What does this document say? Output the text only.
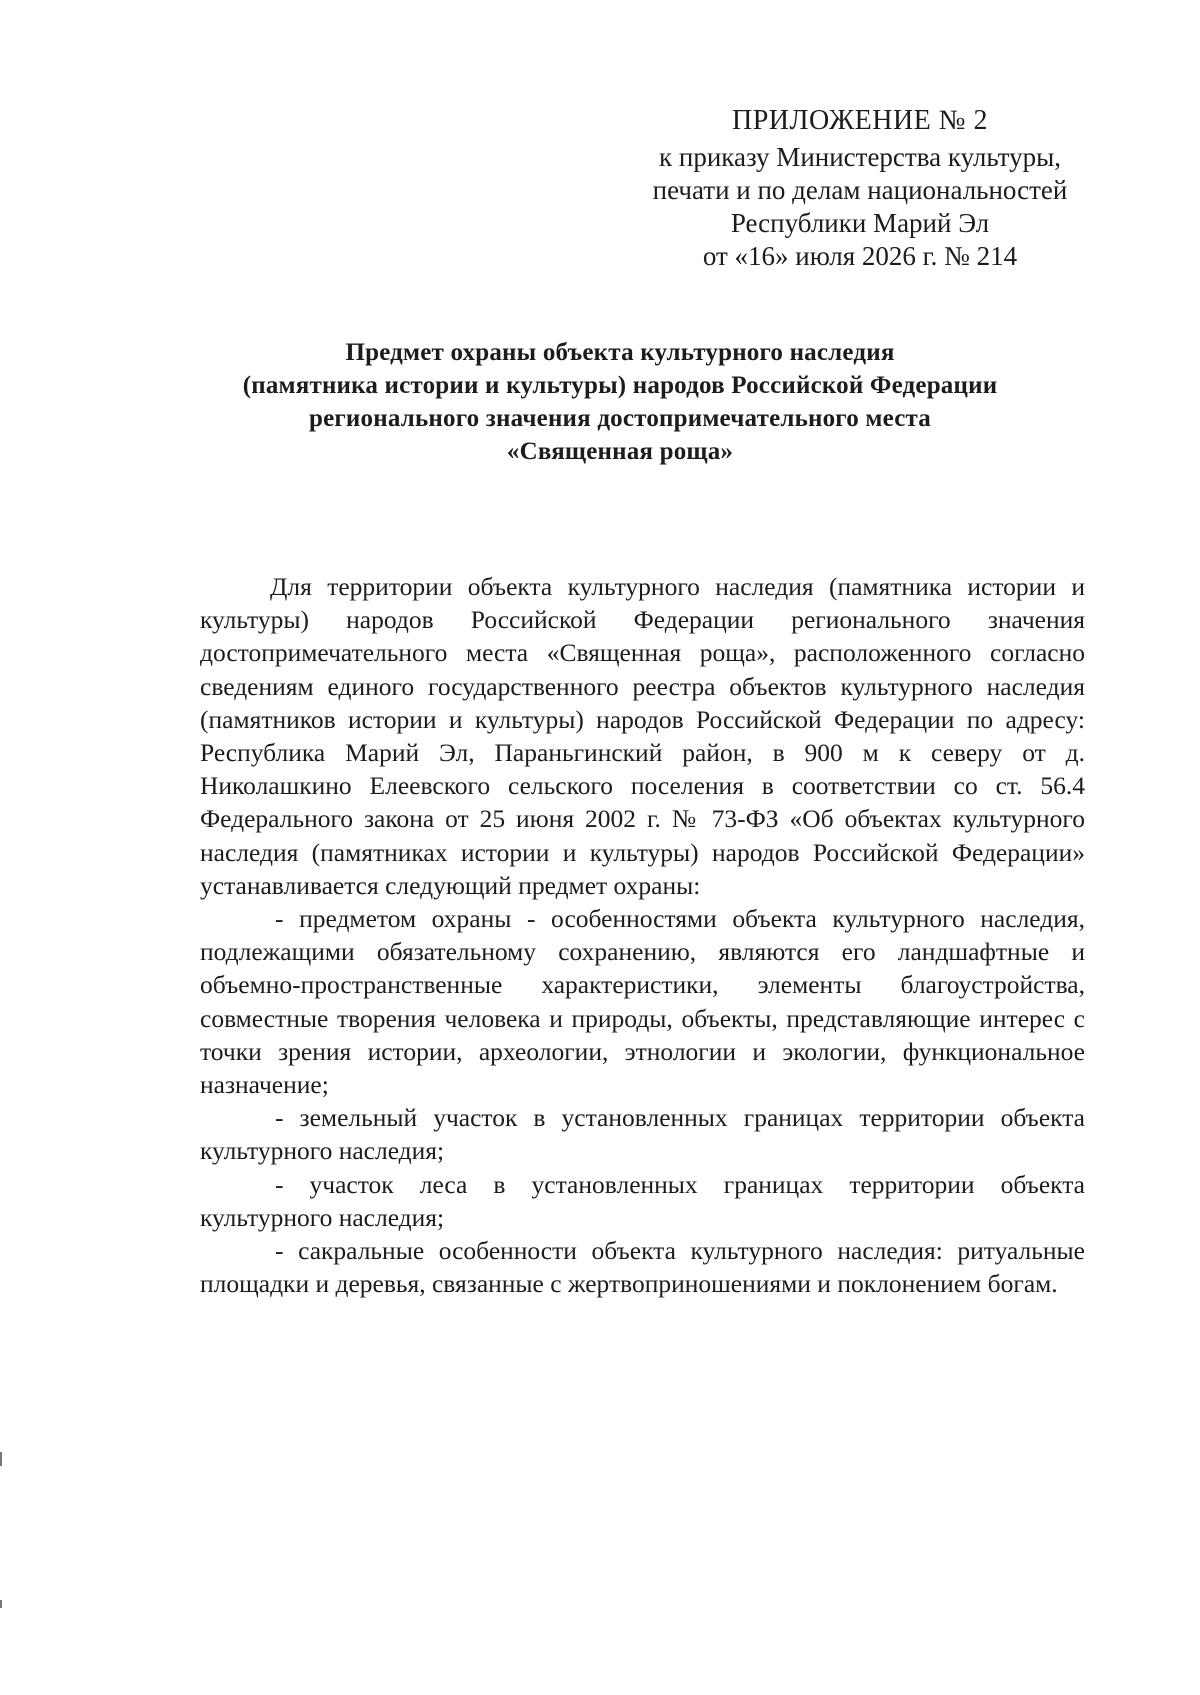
ПРИЛОЖЕНИЕ № 2
к приказу Министерства культуры,
печати и по делам национальностей
Республики Марий Эл
от «16» июля 2026 г. № 214
Предмет охраны объекта культурного наследия
(памятника истории и культуры) народов Российской Федерации
регионального значения достопримечательного места
«Священная роща»

Для территории объекта культурного наследия (памятника истории и культуры) народов Российской Федерации регионального значения достопримечательного места «Священная роща», расположенного согласно сведениям единого государственного реестра объектов культурного наследия (памятников истории и культуры) народов Российской Федерации по адресу: Республика Марий Эл, Параньгинский район, в 900 м к северу от д. Николашкино Елеевского сельского поселения в соответствии со ст. 56.4 Федерального закона от 25 июня 2002 г. № 73-ФЗ «Об объектах культурного наследия (памятниках истории и культуры) народов Российской Федерации» устанавливается следующий предмет охраны:

- предметом охраны - особенностями объекта культурного наследия, подлежащими обязательному сохранению, являются его ландшафтные и объемно-пространственные характеристики, элементы благоустройства, совместные творения человека и природы, объекты, представляющие интерес с точки зрения истории, археологии, этнологии и экологии, функциональное назначение;

- земельный участок в установленных границах территории объекта культурного наследия;

- участок леса в установленных границах территории объекта культурного наследия;

- сакральные особенности объекта культурного наследия: ритуальные площадки и деревья, связанные с жертвоприношениями и поклонением богам.
